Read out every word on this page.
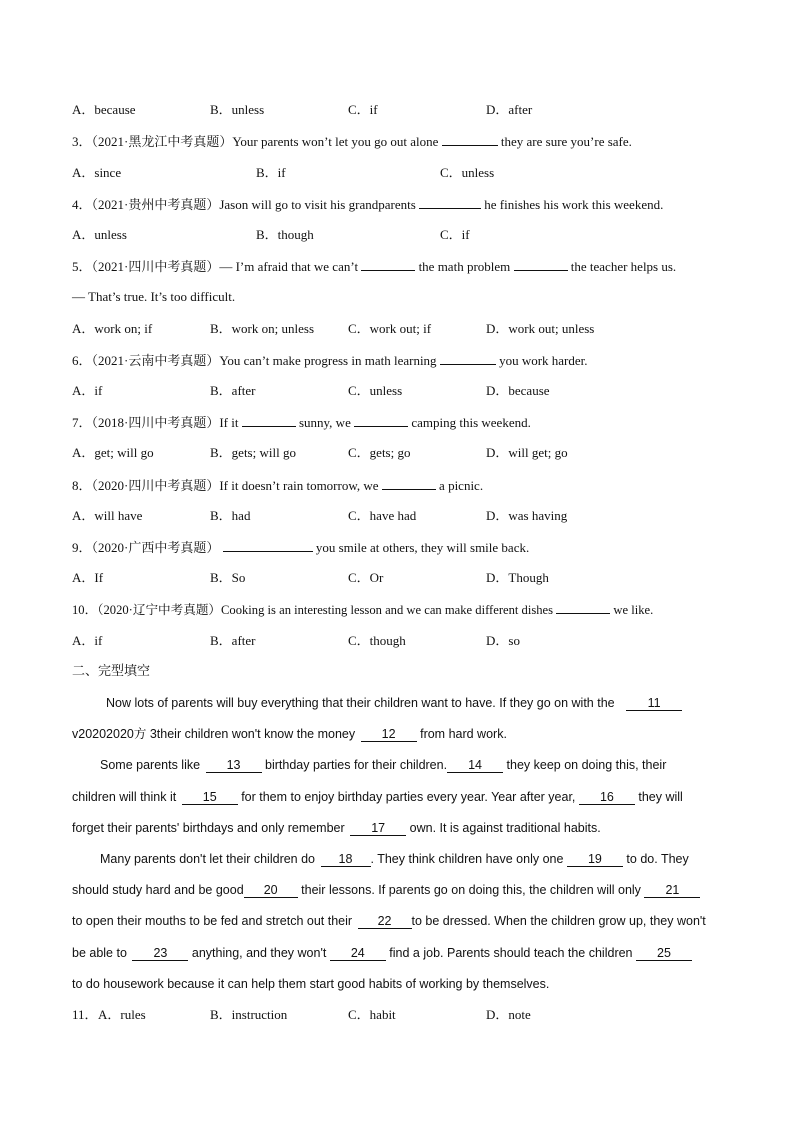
A．because	B．unless	C．if	D．after
3．（2021·黑龙江中考真题）Your parents won’t let you go out alone	they are sure you’re safe.
A．since	B．if	C．unless
4．（2021·贵州中考真题）Jason will go to visit his grandparents	he finishes his work this weekend.
A．unless	B．though	C．if
5．（2021·四川中考真题）— I’m afraid that we can’t	the math problem	the teacher helps us.
— That’s true. It’s too difficult.
A．work on; if	B．work on; unless	C．work out; if	D．work out; unless
6．（2021·云南中考真题）You can’t make progress in math learning	you work harder.
A．if	B．after	C．unless	D．because
7．（2018·四川中考真题）If it	sunny, we	camping this weekend.
A．get; will go	B．gets; will go	C．gets; go	D．will get; go
8．（2020·四川中考真题）If it doesn’t rain tomorrow, we	a picnic.
A．will have	B．had	C．have had	D．was having
9．（2020·广西中考真题）	you smile at others, they will smile back.
A．If	B．So	C．Or	D．Though
10．（2020·辽宁中考真题）Cooking is an interesting lesson and we can make different dishes	we like.
A．if	B．after	C．though	D．so
二、完型填空
Now lots of parents will buy everything that their children want to have. If they go on with the	11
v20202020方 3their children won't know the money 12 from hard work.
Some parents like 13 birthday parties for their children. 14 they keep on doing this, their
children will think it 15 for them to enjoy birthday parties every year. Year after year, 16 they will
forget their parents' birthdays and only remember 17 own. It is against traditional habits.
Many parents don't let their children do 18 . They think children have only one 19 to do. They
should study hard and be good 20 their lessons. If parents go on doing this, the children will only 21
to open their mouths to be fed and stretch out their 22 to be dressed. When the children grow up, they won't
be able to 23 anything, and they won't 24 find a job. Parents should teach the children 25
to do housework because it can help them start good habits of working by themselves.
11． A．rules	B．instruction	C．habit	D．note
